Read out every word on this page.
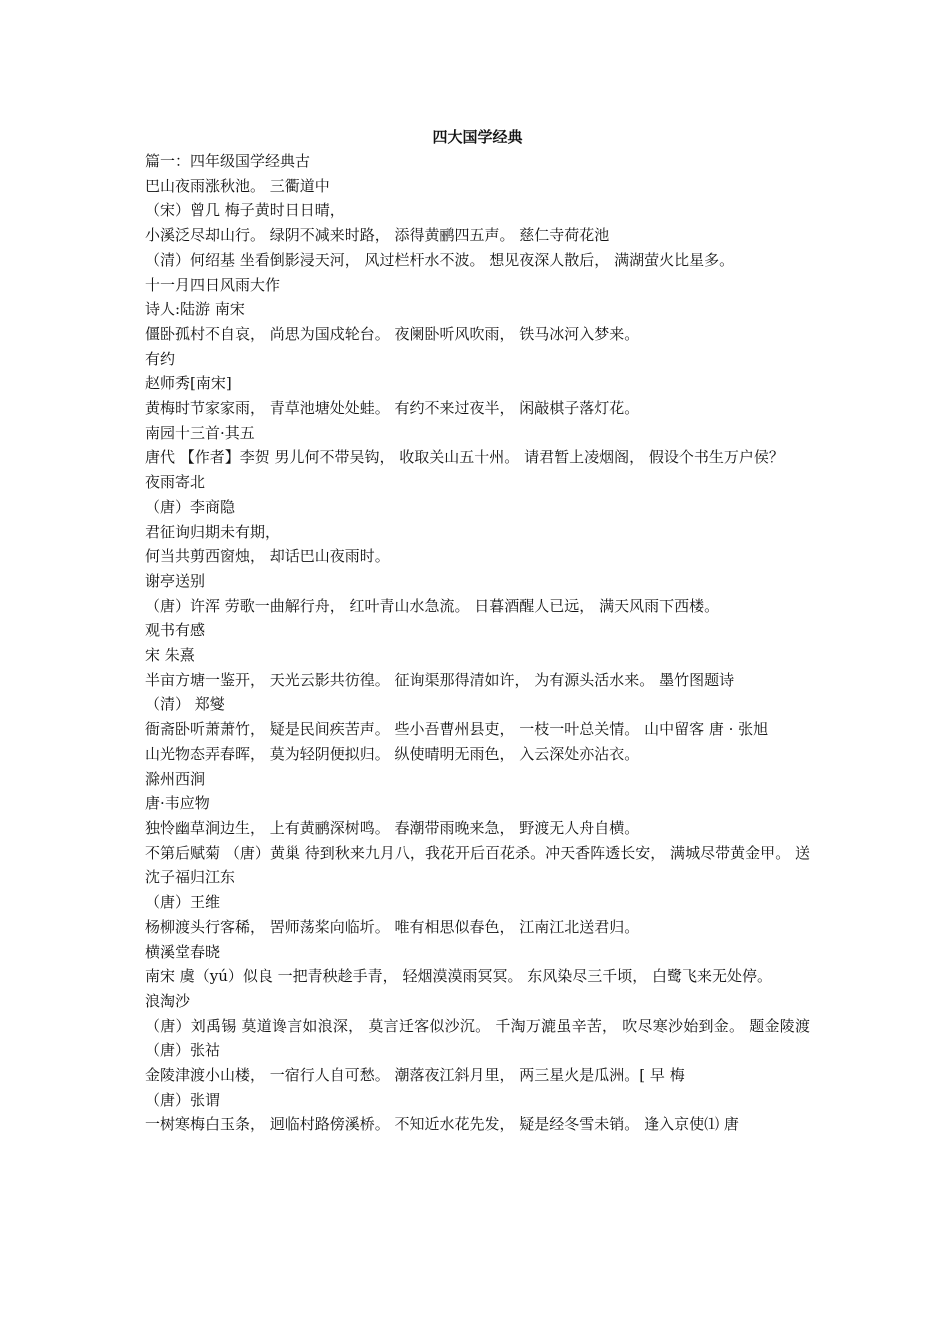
四大国学经典
篇一：四年级国学经典古
巴山夜雨涨秋池。 三衢道中
（宋）曾几 梅子黄时日日晴，
小溪泛尽却山行。 绿阴不减来时路， 添得黄鹂四五声。 慈仁寺荷花池
（清）何绍基 坐看倒影浸天河， 风过栏杆水不波。 想见夜深人散后， 满湖萤火比星多。
十一月四日风雨大作
诗人:陆游 南宋
僵卧孤村不自哀， 尚思为国戍轮台。 夜阑卧听风吹雨， 铁马冰河入梦来。
有约
赵师秀[南宋]
黄梅时节家家雨， 青草池塘处处蛙。 有约不来过夜半， 闲敲棋子落灯花。
南园十三首·其五
唐代 【作者】李贺 男儿何不带吴钩， 收取关山五十州。 请君暂上凌烟阁， 假设个书生万户侯？
夜雨寄北
（唐）李商隐
君征询归期未有期，
何当共剪西窗烛， 却话巴山夜雨时。
谢亭送别
（唐）许浑 劳歌一曲解行舟， 红叶青山水急流。 日暮酒醒人已远， 满天风雨下西楼。
观书有感
宋 朱熹
半亩方塘一鉴开， 天光云影共彷徨。 征询渠那得清如许， 为有源头活水来。 墨竹图题诗
（清） 郑燮
衙斋卧听萧萧竹， 疑是民间疾苦声。 些小吾曹州县吏， 一枝一叶总关情。 山中留客 唐 · 张旭
山光物态弄春晖， 莫为轻阴便拟归。 纵使晴明无雨色， 入云深处亦沾衣。
滁州西涧
唐·韦应物
独怜幽草涧边生， 上有黄鹂深树鸣。 春潮带雨晚来急， 野渡无人舟自横。
不第后赋菊 （唐）黄巢 待到秋来九月八，我花开后百花杀。冲天香阵透长安， 满城尽带黄金甲。 送沈子福归江东
（唐）王维
杨柳渡头行客稀， 罟师荡桨向临圻。 唯有相思似春色， 江南江北送君归。
横溪堂春晓
南宋 虞（yú）似良 一把青秧趁手青， 轻烟漠漠雨冥冥。 东风染尽三千顷， 白鹭飞来无处停。
浪淘沙
（唐）刘禹锡 莫道谗言如浪深， 莫言迁客似沙沉。 千淘万漉虽辛苦， 吹尽寒沙始到金。 题金陵渡 （唐）张祜
金陵津渡小山楼， 一宿行人自可愁。 潮落夜江斜月里， 两三星火是瓜洲。[ 早 梅
（唐）张谓
一树寒梅白玉条， 迥临村路傍溪桥。 不知近水花先发， 疑是经冬雪未销。 逢入京使⑴ 唐
